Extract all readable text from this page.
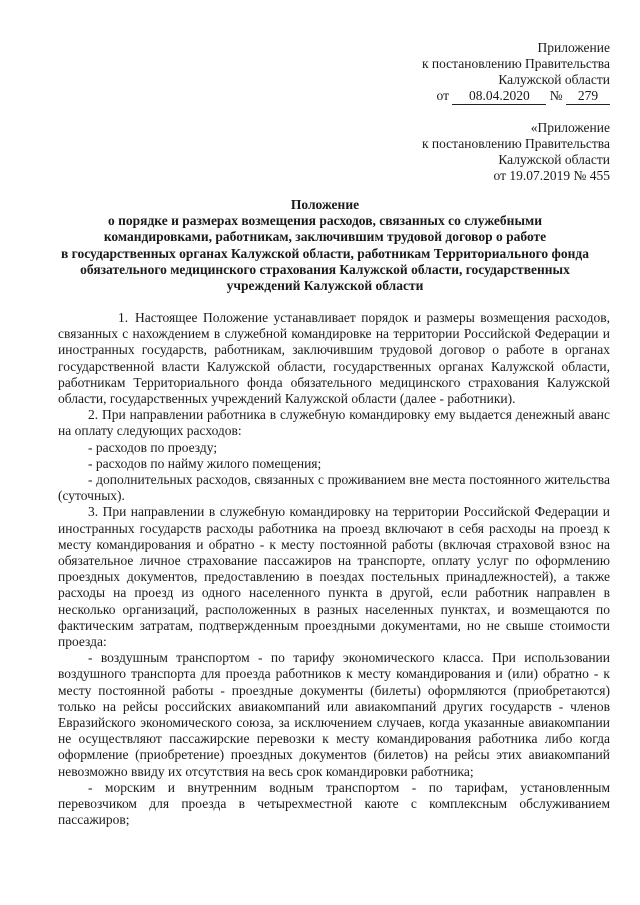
Приложение
к постановлению Правительства
Калужской области
от 08.04.2020 № 279
«Приложение
к постановлению Правительства
Калужской области
от 19.07.2019 № 455
Положение
о порядке и размерах возмещения расходов, связанных со служебными
командировками, работникам, заключившим трудовой договор о работе
в государственных органах Калужской области, работникам Территориального фонда
обязательного медицинского страхования Калужской области, государственных
учреждений Калужской области

1. Настоящее Положение устанавливает порядок и размеры возмещения расходов, связанных с нахождением в служебной командировке на территории Российской Федерации и иностранных государств, работникам, заключившим трудовой договор о работе в органах государственной власти Калужской области, государственных органах Калужской области, работникам Территориального фонда обязательного медицинского страхования Калужской области, государственных учреждений Калужской области (далее - работники).

2. При направлении работника в служебную командировку ему выдается денежный аванс на оплату следующих расходов:

- расходов по проезду;

- расходов по найму жилого помещения;

- дополнительных расходов, связанных с проживанием вне места постоянного жительства (суточных).

3. При направлении в служебную командировку на территории Российской Федерации и иностранных государств расходы работника на проезд включают в себя расходы на проезд к месту командирования и обратно - к месту постоянной работы (включая страховой взнос на обязательное личное страхование пассажиров на транспорте, оплату услуг по оформлению проездных документов, предоставлению в поездах постельных принадлежностей), а также расходы на проезд из одного населенного пункта в другой, если работник направлен в несколько организаций, расположенных в разных населенных пунктах, и возмещаются по фактическим затратам, подтвержденным проездными документами, но не свыше стоимости проезда:

- воздушным транспортом - по тарифу экономического класса. При использовании воздушного транспорта для проезда работников к месту командирования и (или) обратно - к месту постоянной работы - проездные документы (билеты) оформляются (приобретаются) только на рейсы российских авиакомпаний или авиакомпаний других государств - членов Евразийского экономического союза, за исключением случаев, когда указанные авиакомпании не осуществляют пассажирские перевозки к месту командирования работника либо когда оформление (приобретение) проездных документов (билетов) на рейсы этих авиакомпаний невозможно ввиду их отсутствия на весь срок командировки работника;

- морским и внутренним водным транспортом - по тарифам, установленным перевозчиком для проезда в четырехместной каюте с комплексным обслуживанием пассажиров;
